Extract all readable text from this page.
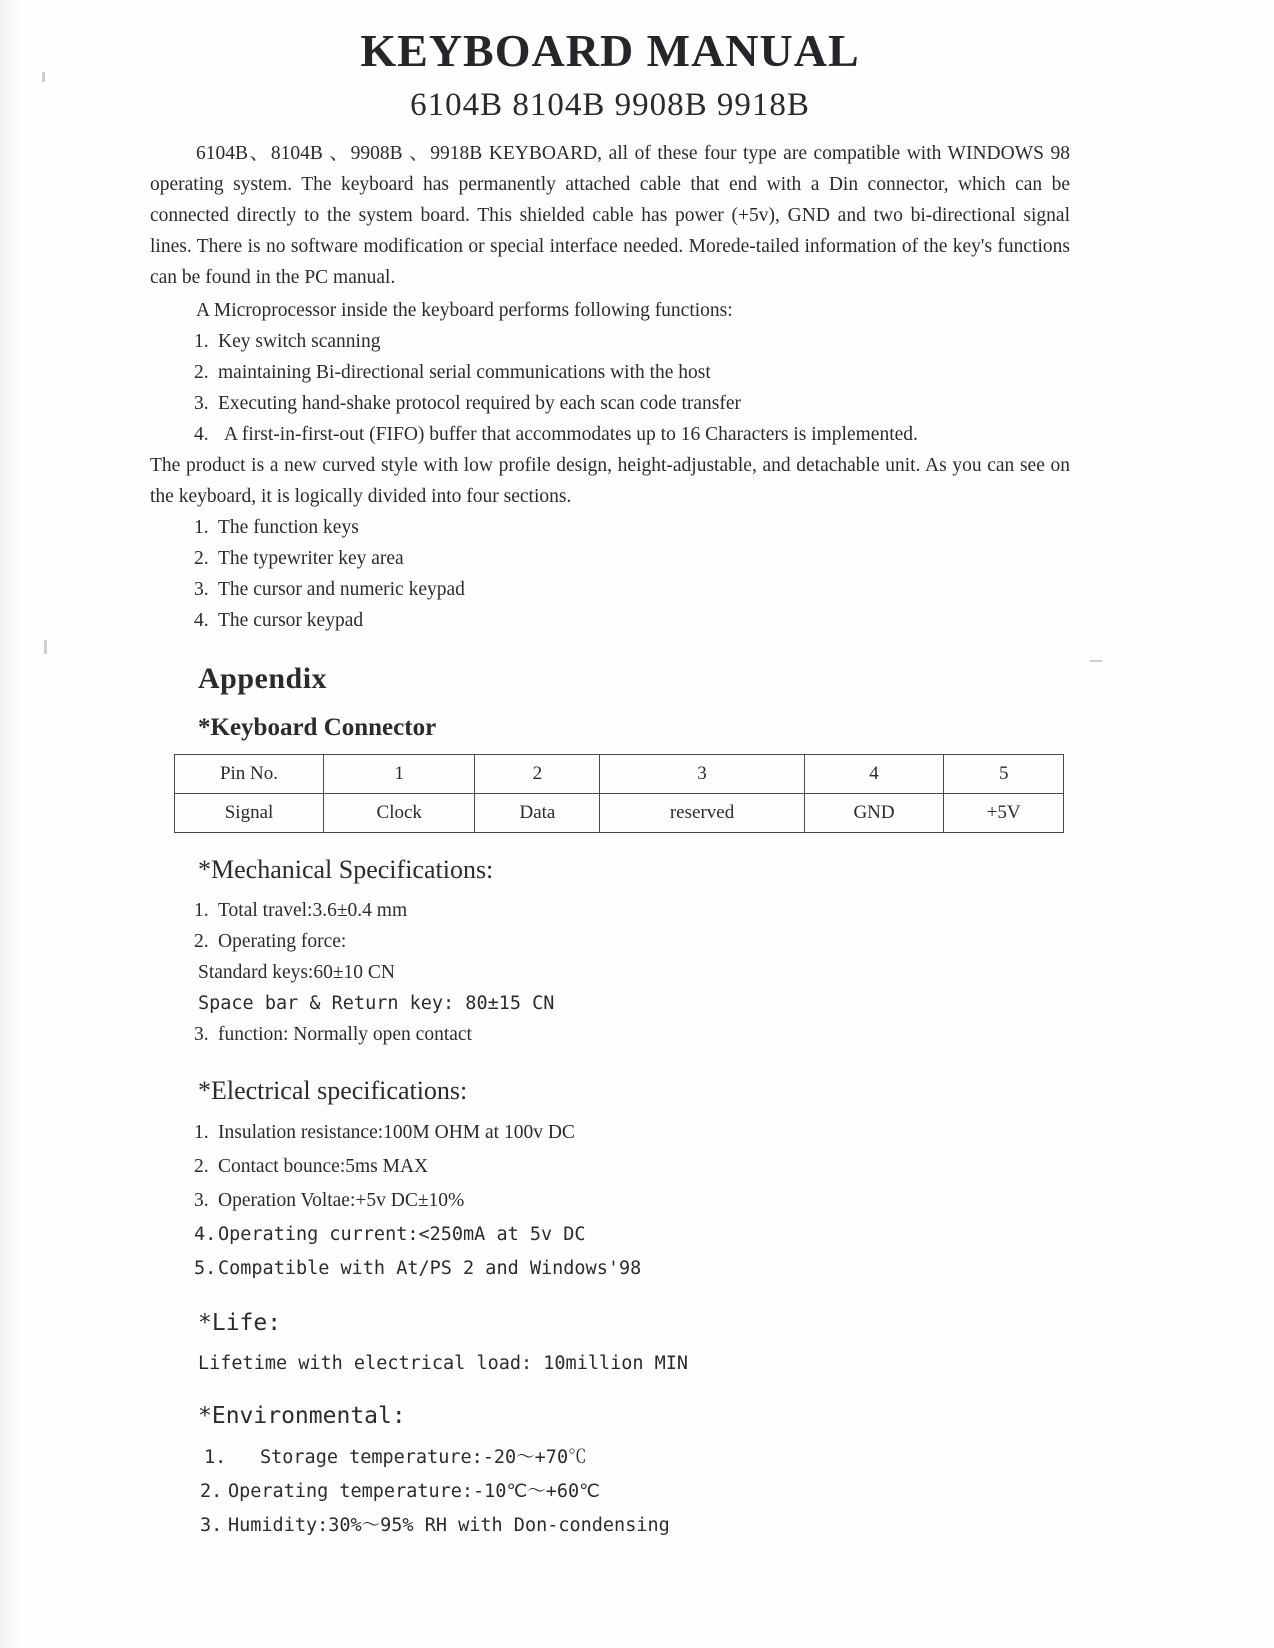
KEYBOARD MANUAL
6104B 8104B 9908B 9918B

6104B、8104B 、9908B 、9918B KEYBOARD, all of these four type are compatible with WINDOWS 98 operating system. The keyboard has permanently attached cable that end with a Din connector, which can be connected directly to the system board. This shielded cable has power (+5v), GND and two bi-directional signal lines. There is no software modification or special interface needed. Morede-tailed information of the key's functions can be found in the PC manual.

A Microprocessor inside the keyboard performs following functions:

1. Key switch scanning
2. maintaining Bi-directional serial communications with the host
3. Executing hand-shake protocol required by each scan code transfer
4. A first-in-first-out (FIFO) buffer that accommodates up to 16 Characters is implemented.

The product is a new curved style with low profile design, height-adjustable, and detachable unit. As you can see on the keyboard, it is logically divided into four sections.

1. The function keys
2. The typewriter key area
3. The cursor and numeric keypad
4. The cursor keypad
Appendix
*Keyboard Connector
Pin No.	1	2	3	4	5
Signal	Clock	Data	reserved	GND	+5V
*Mechanical Specifications:
1. Total travel:3.6±0.4 mm
2. Operating force:
Standard keys:60±10 CN
Space bar & Return key: 80±15 CN
3. function: Normally open contact
*Electrical specifications:
1. Insulation resistance:100M OHM at 100v DC
2. Contact bounce:5ms MAX
3. Operation Voltae:+5v DC±10%
4. Operating current:<250mA at 5v DC
5. Compatible with At/PS 2 and Windows'98
*Life:
Lifetime with electrical load: 10million MIN
*Environmental:
1. Storage temperature:-20～+70℃
2. Operating temperature:-10℃～+60℃
3. Humidity:30%～95% RH with Don-condensing
